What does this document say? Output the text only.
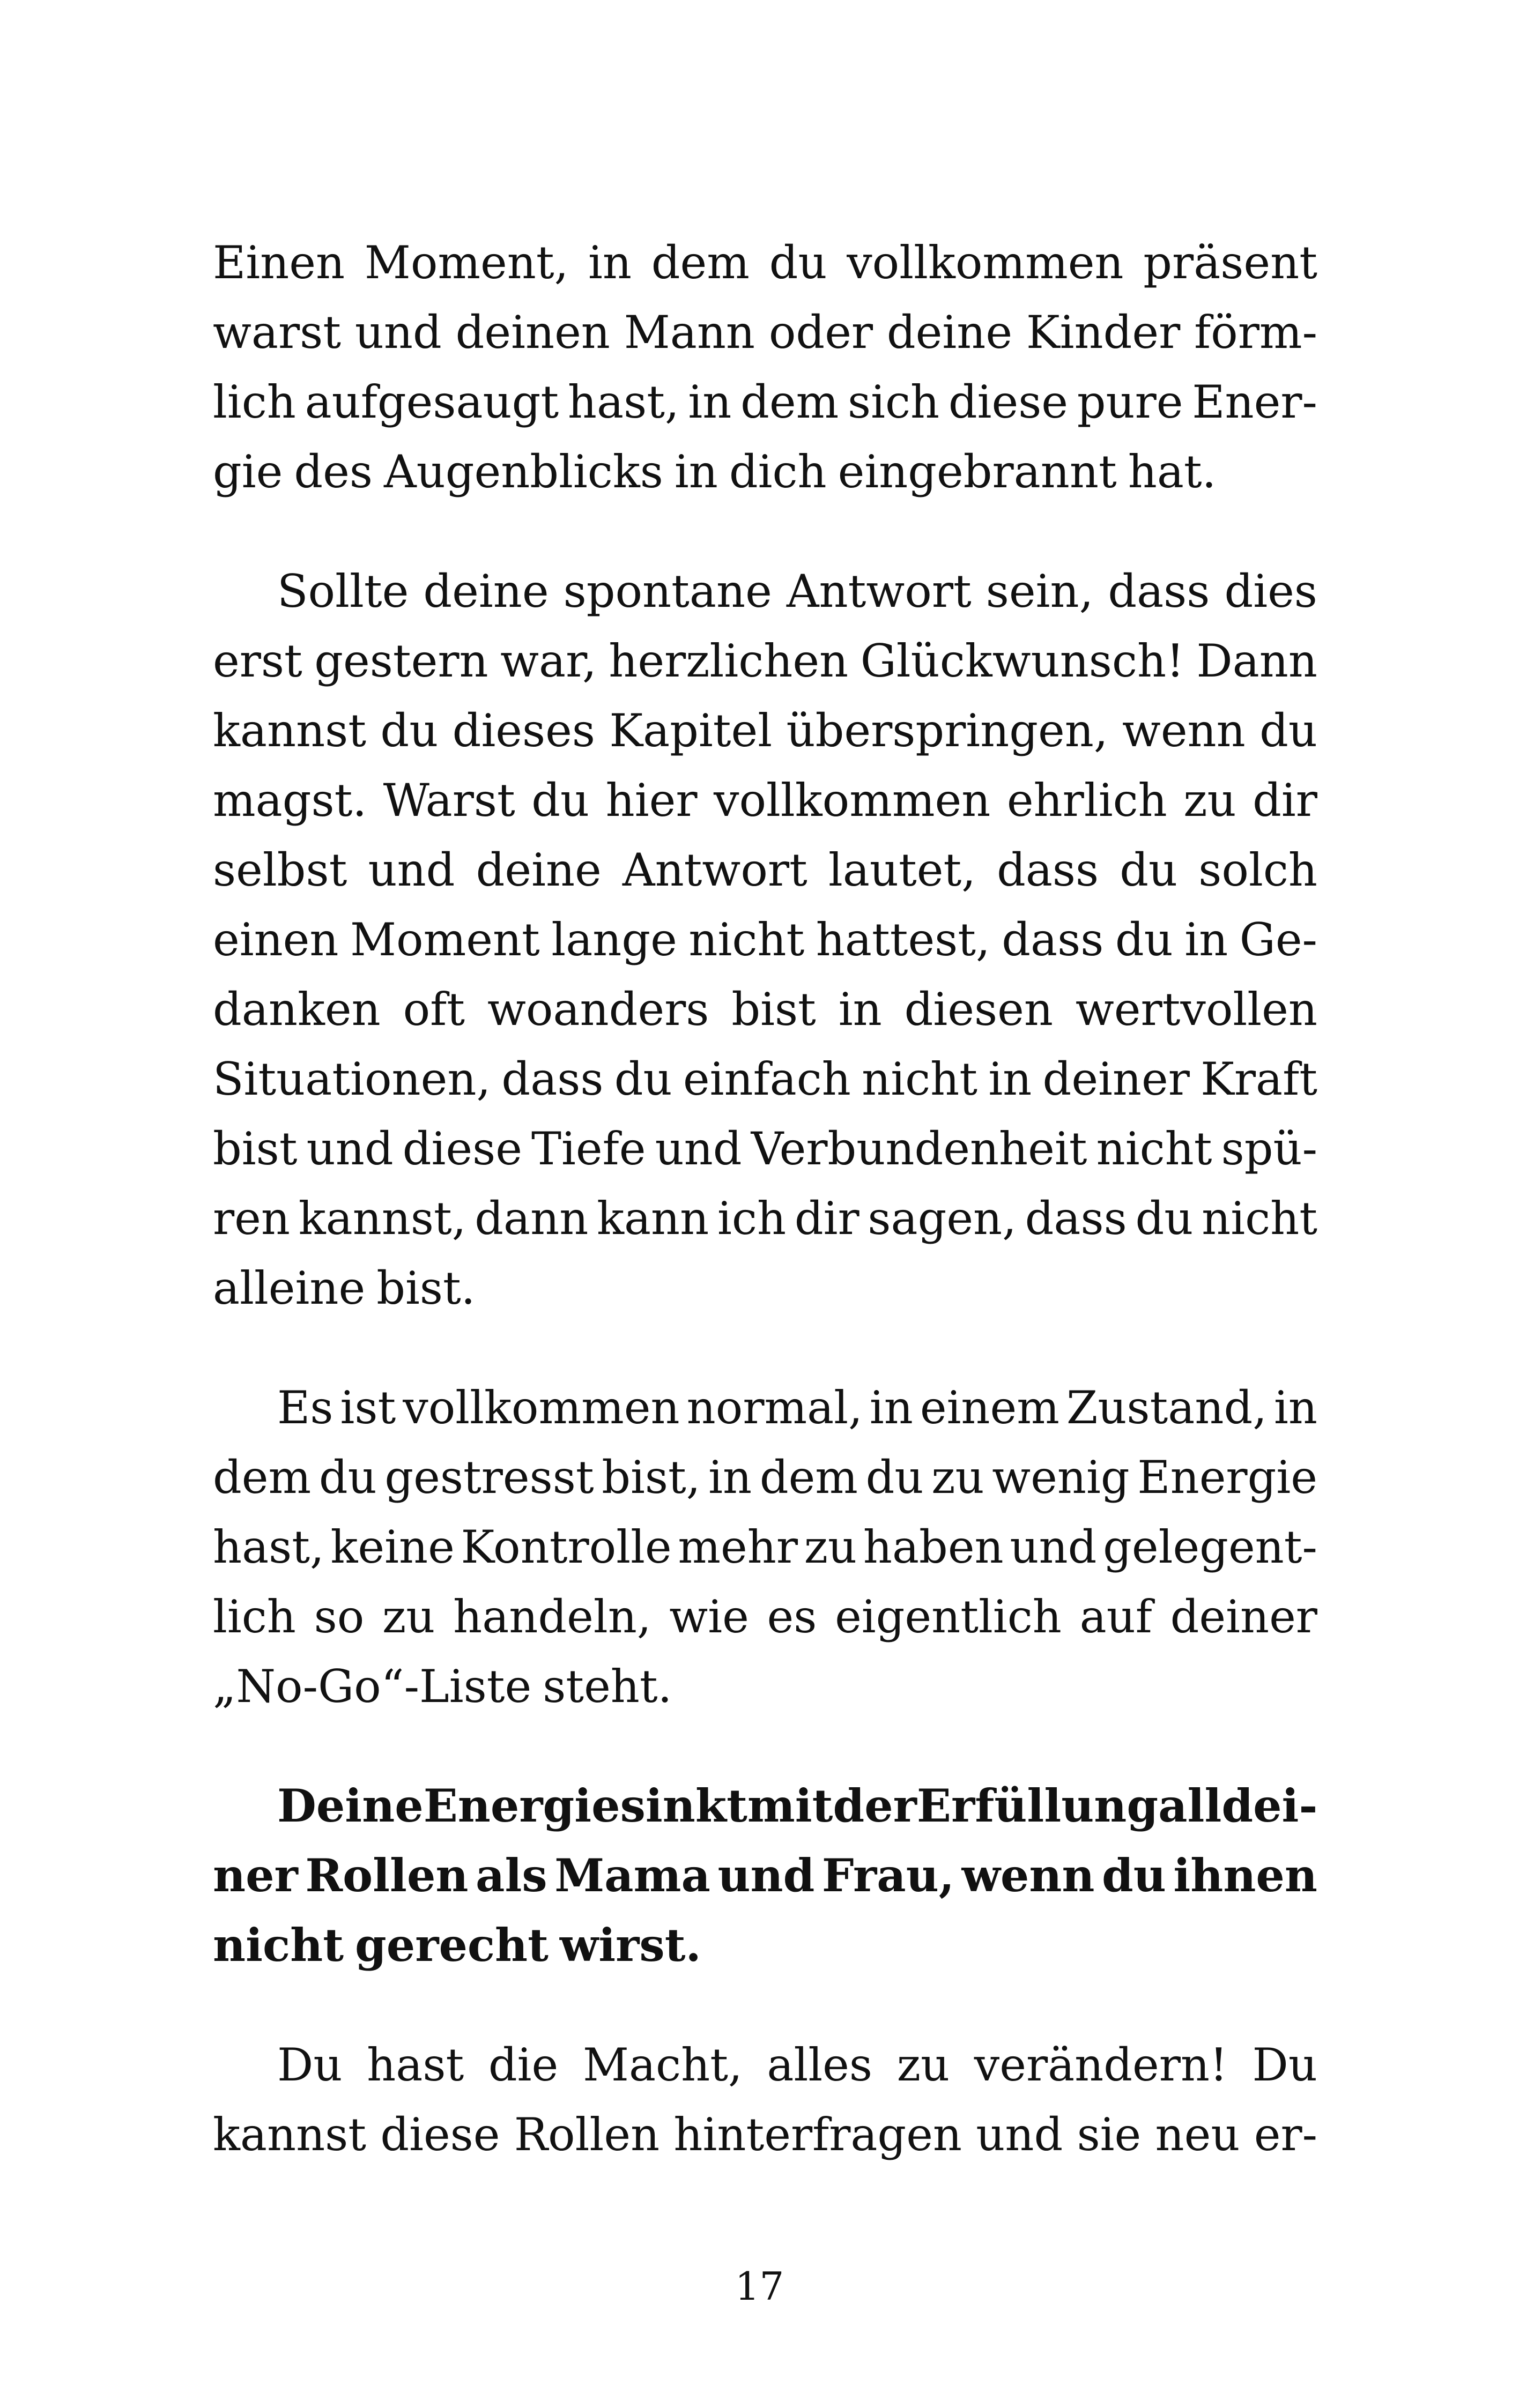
Einen Moment, in dem du vollkommen präsent
warst und deinen Mann oder deine Kinder förm-
lich aufgesaugt hast, in dem sich diese pure Ener-
gie des Augenblicks in dich eingebrannt hat.
Sollte deine spontane Antwort sein, dass dies
erst gestern war, herzlichen Glückwunsch! Dann
kannst du dieses Kapitel überspringen, wenn du
magst. Warst du hier vollkommen ehrlich zu dir
selbst und deine Antwort lautet, dass du solch
einen Moment lange nicht hattest, dass du in Ge-
danken oft woanders bist in diesen wertvollen
Situationen, dass du einfach nicht in deiner Kraft
bist und diese Tiefe und Verbundenheit nicht spü-
ren kannst, dann kann ich dir sagen, dass du nicht
alleine bist.
Es ist vollkommen normal, in einem Zustand, in
dem du gestresst bist, in dem du zu wenig Energie
hast, keine Kontrolle mehr zu haben und gelegent-
lich so zu handeln, wie es eigentlich auf deiner
„No-Go“-Liste steht.
Deine Energie sinkt mit der Erfüllung all dei-
ner Rollen als Mama und Frau, wenn du ihnen
nicht gerecht wirst.
Du hast die Macht, alles zu verändern! Du
kannst diese Rollen hinterfragen und sie neu er-
17
